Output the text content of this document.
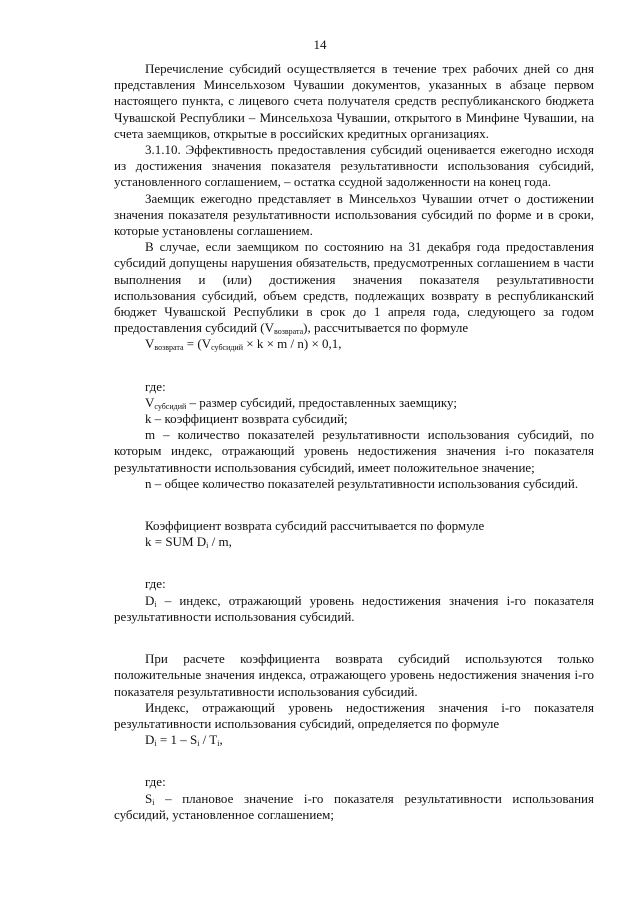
14

Перечисление субсидий осуществляется в течение трех рабочих дней со дня представления Минсельхозом Чувашии документов, указанных в абзаце первом настоящего пункта, с лицевого счета получателя средств республиканского бюджета Чувашской Республики – Минсельхоза Чувашии, открытого в Минфине Чувашии, на счета заемщиков, открытые в российских кредитных организациях.

3.1.10. Эффективность предоставления субсидий оценивается ежегодно исходя из достижения значения показателя результативности использования субсидий, установленного соглашением, – остатка ссудной задолженности на конец года.

Заемщик ежегодно представляет в Минсельхоз Чувашии отчет о достижении значения показателя результативности использования субсидий по форме и в сроки, которые установлены соглашением.

В случае, если заемщиком по состоянию на 31 декабря года предоставления субсидий допущены нарушения обязательств, предусмотренных соглашением в части выполнения и (или) достижения значения показателя результативности использования субсидий, объем средств, подлежащих возврату в республиканский бюджет Чувашской Республики в срок до 1 апреля года, следующего за годом предоставления субсидий $(V_{возврата})$, рассчитывается по формуле

$V_{возврата} = (V_{субсидий} \times k \times m / n) \times 0,1$,

где:

$V_{субсидий}$ – размер субсидий, предоставленных заемщику;

k – коэффициент возврата субсидий;

m – количество показателей результативности использования субсидий, по которым индекс, отражающий уровень недостижения значения i-го показателя результативности использования субсидий, имеет положительное значение;

n – общее количество показателей результативности использования субсидий.

Коэффициент возврата субсидий рассчитывается по формуле

k = SUM $D_i$ / m,

где:

$D_i$ – индекс, отражающий уровень недостижения значения i-го показателя результативности использования субсидий.

При расчете коэффициента возврата субсидий используются только положительные значения индекса, отражающего уровень недостижения значения i-го показателя результативности использования субсидий.

Индекс, отражающий уровень недостижения значения i-го показателя результативности использования субсидий, определяется по формуле

$D_i = 1 - S_i / T_i$,

где:

$S_i$ – плановое значение i-го показателя результативности использования субсидий, установленное соглашением;
